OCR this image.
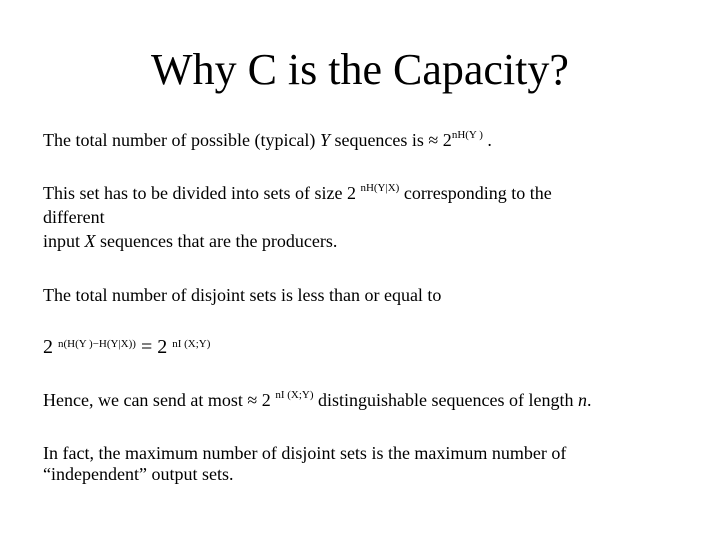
Why C is the Capacity?
The total number of possible (typical) Y sequences is ≈ $2^{nH(Y )}$ .
This set has to be divided into sets of size 2 $^{nH(Y|X)}$ corresponding to the
different
input X sequences that are the producers.
The total number of disjoint sets is less than or equal to
2 $^{n(H(Y )-H(Y|X))}$ = 2 $^{nI (X;Y)}$
Hence, we can send at most ≈ 2 $^{nI (X;Y)}$ distinguishable sequences of length n.
In fact, the maximum number of disjoint sets is the maximum number of
“independent” output sets.
